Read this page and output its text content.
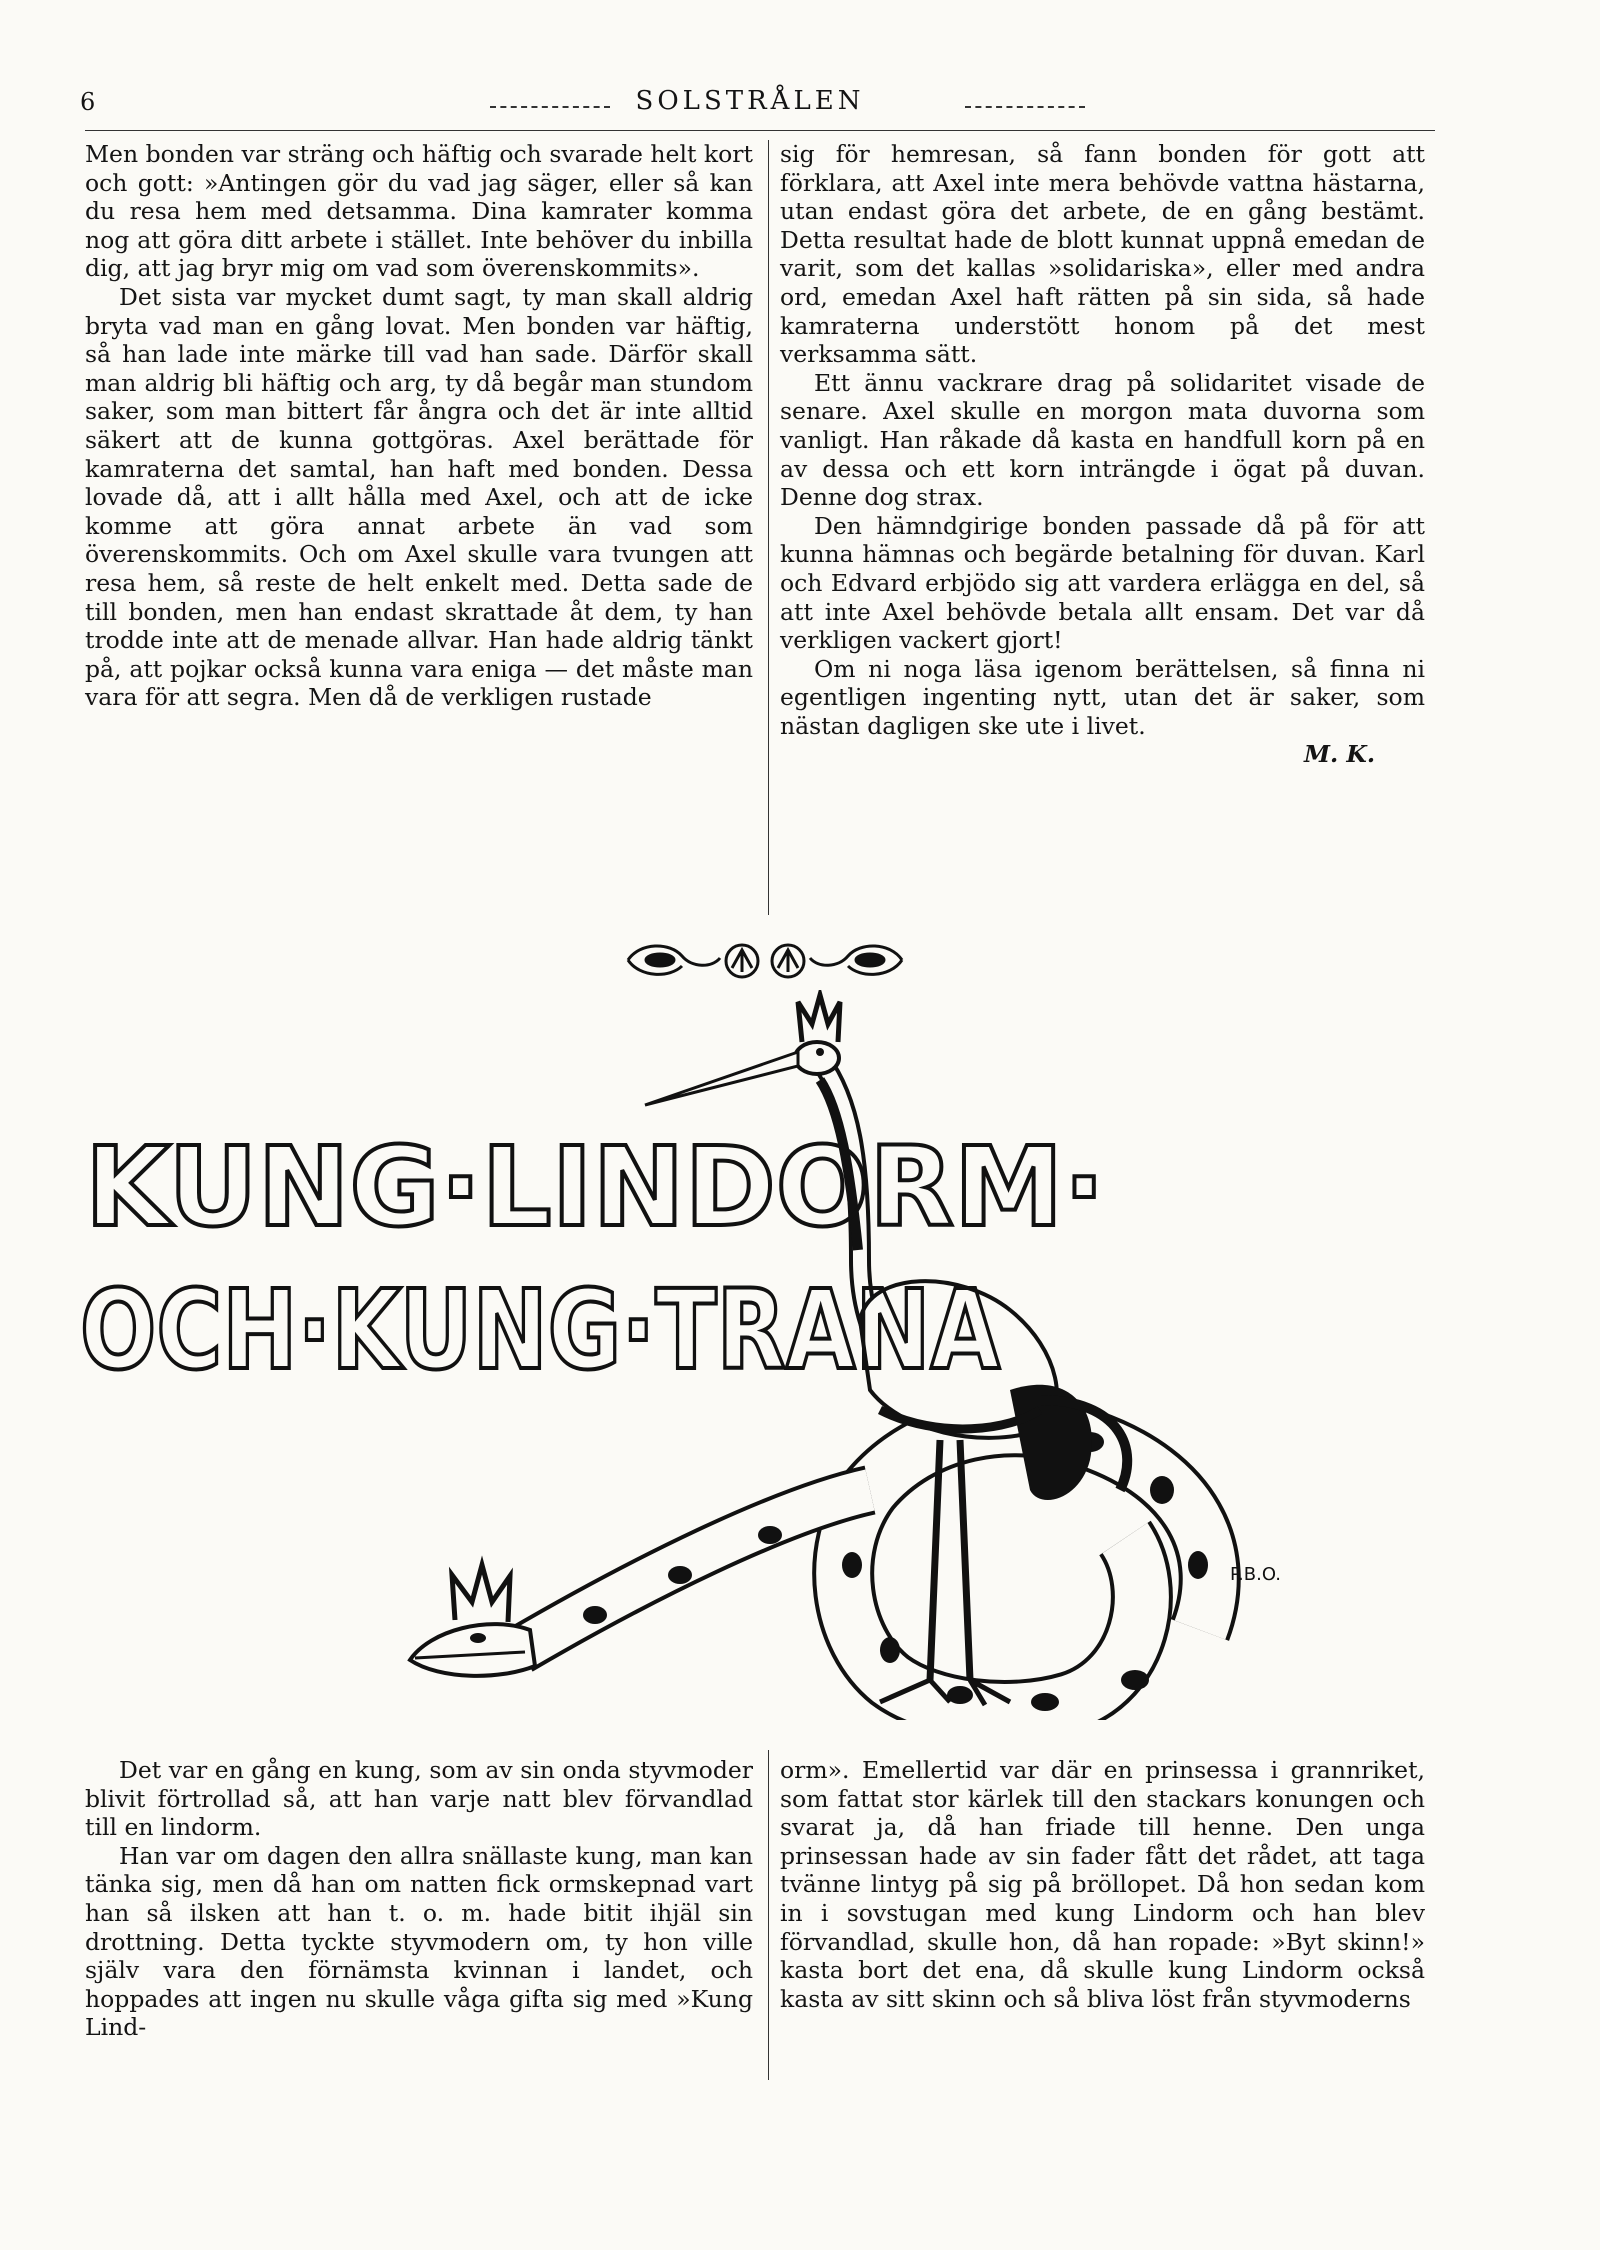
6	SOLSTRÅLEN

Men bonden var sträng och häftig och svarade helt kort och gott: »Antingen gör du vad jag säger, eller så kan du resa hem med detsamma. Dina kamrater komma nog att göra ditt arbete i stället. Inte behöver du inbilla dig, att jag bryr mig om vad som överenskommits».

Det sista var mycket dumt sagt, ty man skall aldrig bryta vad man en gång lovat. Men bonden var häftig, så han lade inte märke till vad han sade. Därför skall man aldrig bli häftig och arg, ty då begår man stundom saker, som man bittert får ångra och det är inte alltid säkert att de kunna gottgöras. Axel berättade för kamraterna det samtal, han haft med bonden. Dessa lovade då, att i allt hålla med Axel, och att de icke komme att göra annat arbete än vad som överenskommits. Och om Axel skulle vara tvungen att resa hem, så reste de helt enkelt med. Detta sade de till bonden, men han endast skrattade åt dem, ty han trodde inte att de menade allvar. Han hade aldrig tänkt på, att pojkar också kunna vara eniga — det måste man vara för att segra. Men då de verkligen rustade

sig för hemresan, så fann bonden för gott att förklara, att Axel inte mera behövde vattna hästarna, utan endast göra det arbete, de en gång bestämt. Detta resultat hade de blott kunnat uppnå emedan de varit, som det kallas »solidariska», eller med andra ord, emedan Axel haft rätten på sin sida, så hade kamraterna understött honom på det mest verksamma sätt.

Ett ännu vackrare drag på solidaritet visade de senare. Axel skulle en morgon mata duvorna som vanligt. Han råkade då kasta en handfull korn på en av dessa och ett korn inträngde i ögat på duvan. Denne dog strax.

Den hämndgirige bonden passade då på för att kunna hämnas och begärde betalning för duvan. Karl och Edvard erbjödo sig att vardera erlägga en del, så att inte Axel behövde betala allt ensam. Det var då verkligen vackert gjort!

Om ni noga läsa igenom berättelsen, så finna ni egentligen ingenting nytt, utan det är saker, som nästan dagligen ske ute i livet.

M. K.

KUNG·LINDORM·
OCH·KUNG·TRANA
P.B.O.

Det var en gång en kung, som av sin onda styvmoder blivit förtrollad så, att han varje natt blev förvandlad till en lindorm.

Han var om dagen den allra snällaste kung, man kan tänka sig, men då han om natten fick ormskepnad vart han så ilsken att han t. o. m. hade bitit ihjäl sin drottning. Detta tyckte styvmodern om, ty hon ville själv vara den förnämsta kvinnan i landet, och hoppades att ingen nu skulle våga gifta sig med »Kung Lind-

orm». Emellertid var där en prinsessa i grannriket, som fattat stor kärlek till den stackars konungen och svarat ja, då han friade till henne. Den unga prinsessan hade av sin fader fått det rådet, att taga tvänne lintyg på sig på bröllopet. Då hon sedan kom in i sovstugan med kung Lindorm och han blev förvandlad, skulle hon, då han ropade: »Byt skinn!» kasta bort det ena, då skulle kung Lindorm också kasta av sitt skinn och så bliva löst från styvmoderns
